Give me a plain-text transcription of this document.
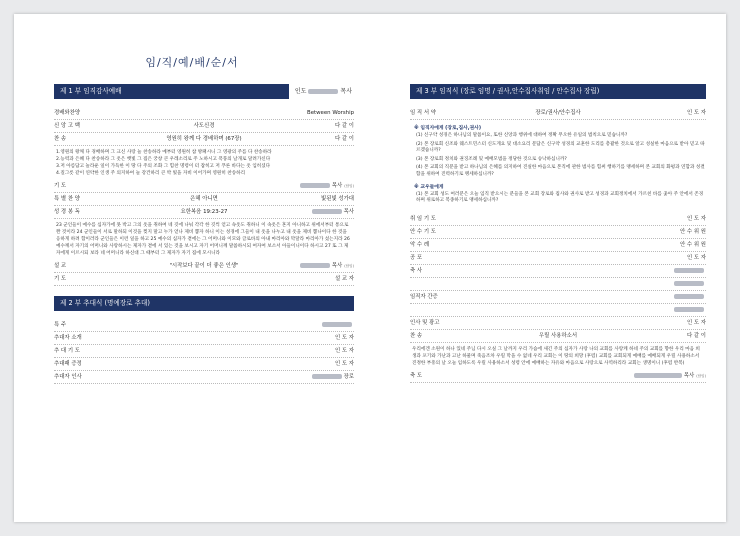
임/직/예/배/순/서
제 1 부 임직감사예배	인도	목사
경배와찬양	Between Worship
신 앙 고 백	사도신경	다 같 이
찬 송	영원히 왕께 다 경배하며 (67장)	다 같 이

1.영원의 왕께 다 경배하며 그 크신 사랑 늘 찬송하라 예부터 영원히 참 방패시니 그 영광의 주를 다 찬송하라

2.능력과 은혜 다 찬송하라 그 옷은 햇빛 그 집은 궁창 큰 우레소리로 주 노하시고 폭풍의 날개로 달려가신다

3.저 아름답고 놀라운 일이 가득한 이 땅 다 주의 조화 그 힘찬 명령이 터 잡히고 저 푸른 바다는 옷 입히셨다

4.질그릇 같이 연약한 인생 주 의지하여 늘 강건하리 큰 박 빛을 자비 이어가며 영원히 찬송하리

기 도	목사 (담임)
특 별 찬 양	은혜 아니면	빛된빛 성가대
성 경 봉 독	요한복음 19:23-27	목사
23 군인들이 예수를 십자가에 못 박고 그의 옷을 취하여 네 깃에 나눠 각각 한 깃씩 얻고 속옷도 취하니 이 속옷은 혼지 아니하고 위에서부터 통으로 짠 것이라 24 군인들이 서로 말하되 이것을 찢지 말고 누가 얻나 제비 뽑자 하니 이는 성경에 그들이 내 옷을 나누고 내 옷을 제비 뽑나이다 한 것을 응하게 하려 함이러라 군인들은 이런 일을 하고 25 예수의 십자가 곁에는 그 어머니와 이모와 글로바의 아내 마리아와 막달라 마리아가 섰는지라 26 예수께서 자기의 어머니와 사랑하시는 제자가 곁에 서 있는 것을 보시고 자기 어머니께 말씀하시되 여자여 보소서 아들이니이다 하시고 27 또 그 제자에게 이르시되 보라 네 어머니라 하신대 그 때부터 그 제자가 자기 집에 모시니라
설 교	"시작보다 끝이 더 좋은 인생"	목사 (담임)
기 도	설 교 자
제 2 부 추대식 (명예장로 추대)
특 주
추대자 소개	인 도 자
추 대 기 도	인 도 자
추대패 증정	인 도 자
추대자 인사	장로
제 3 부 임직식 (장로 임명 / 권사,안수집사취임 / 안수집사 장립)
임 직 서 약	장로/권사/안수집사	인 도 자
※ 임직자에게 (장로,집사,권사)
(1) 신구약 성경은 하나님의 말씀이요, 또한 신앙과 행위에 대하여 정확 무오한 유일의 법칙으로 믿습니까?
(2) 본 장로회 신조와 웨스트민스터 신도게요 및 대소요리 문답은 신구약 성경의 교훈한 도리를 총괄한 것으로 알고 성실한 마음으로 받아 믿고 따르겠습니까?
(3) 본 장로회 정치와 권징조례 및 예배모범을 정당한 것으로 승낙하십니까?
(4) 본 교회의 직분을 받고 하나님의 은혜를 의지하여 진실한 마음으로 본직에 관한 범사를 힘써 행하기를 맹세하며 본 교회의 화평과 연합과 성결함을 위하여 진력하기로 맹세하십니까?
※ 교우들에게
(1) 본 교회 성도 여러분은 오늘 임직 받으시는 분들을 본 교회 장로와 집사와 권사로 받고 성경과 교회정치에서 가르친 바를 좇아 주 안에서 존경하며 위로하고 복종하기로 맹세하십니까?
취 임 기 도	인 도 자
안 수 기 도	안 수 위 원
악 수 례	안 수 위 원
공 포	인 도 자
축 사
임직자 간증
인사 및 광고	인 도 자
찬 송	우릴 사용하소서	다 같 이
우리에겐 소원이 하나 있네 주님 다시 오실 그 날까지 우리 가슴에 새긴 주의 십자가 사랑 나의 교회를 사랑케 하네 주의 교회를 향한 우리 마음 희생과 포기와 가난과 고난 하물며 죽음조차 우릴 막을 수 없네 우리 교회는 이 땅의 희망 (후렴) 교회를 교회되게 예배를 예배되게 우릴 사용하소서 진정한 부흥의 날 오늘 임하도록 우릴 사용하소서 성령 안에 예배하는 자유와 마음으로 사랑으로 사역하리라 교회는 생명이니 (후렴 반복)
축 도	목사 (담임)
